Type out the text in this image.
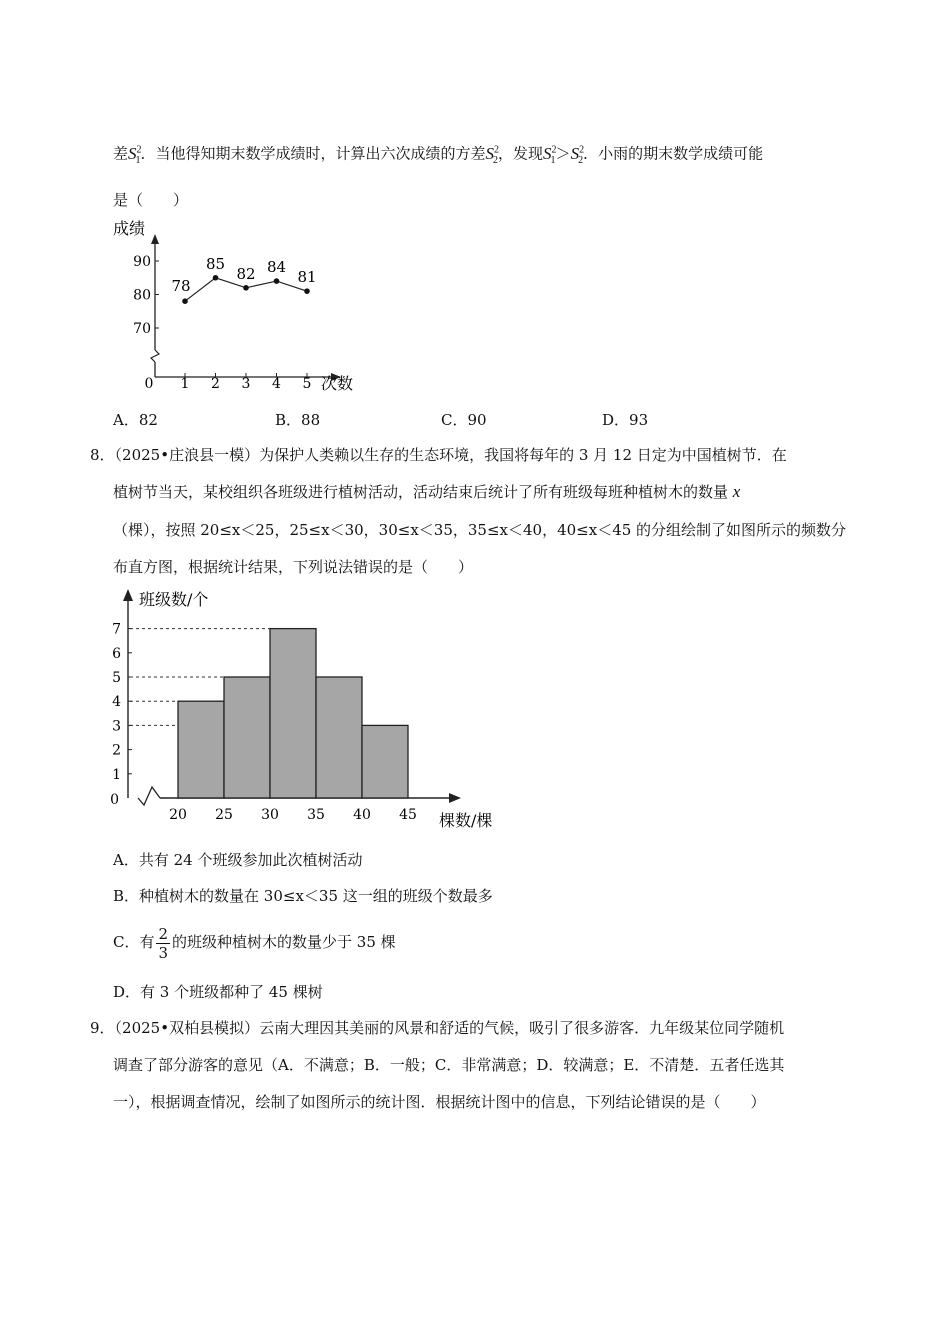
差$S^2_1$．当他得知期末数学成绩时，计算出六次成绩的方差$S^2_2$，发现$S^2_1>S^2_2$．小雨的期末数学成绩可能
是（　　）
成绩
次数
70
80
90
0 1 2 3 4 5
78
85
82 84
81
A．82	B．88	C．90	D．93
8．（2025•庄浪县一模）为保护人类赖以生存的生态环境，我国将每年的 3 月 12 日定为中国植树节．在
植树节当天，某校组织各班级进行植树活动，活动结束后统计了所有班级每班种植树木的数量 x
（棵），按照 20≤x＜25，25≤x＜30，30≤x＜35，35≤x＜40，40≤x＜45 的分组绘制了如图所示的频数分
布直方图，根据统计结果，下列说法错误的是（　　）
班级数/个
棵数/棵
0
1
2
3
4
5
6
7
20 25 30 35 40 45
A．共有 24 个班级参加此次植树活动
B．种植树木的数量在 30≤x＜35 这一组的班级个数最多
C．有 $\frac{2}{3}$ 的班级种植树木的数量少于 35 棵
D．有 3 个班级都种了 45 棵树
9．（2025•双柏县模拟）云南大理因其美丽的风景和舒适的气候，吸引了很多游客．九年级某位同学随机
调查了部分游客的意见（A．不满意；B．一般；C．非常满意；D．较满意；E．不清楚．五者任选其
一），根据调查情况，绘制了如图所示的统计图．根据统计图中的信息，下列结论错误的是（　　）
